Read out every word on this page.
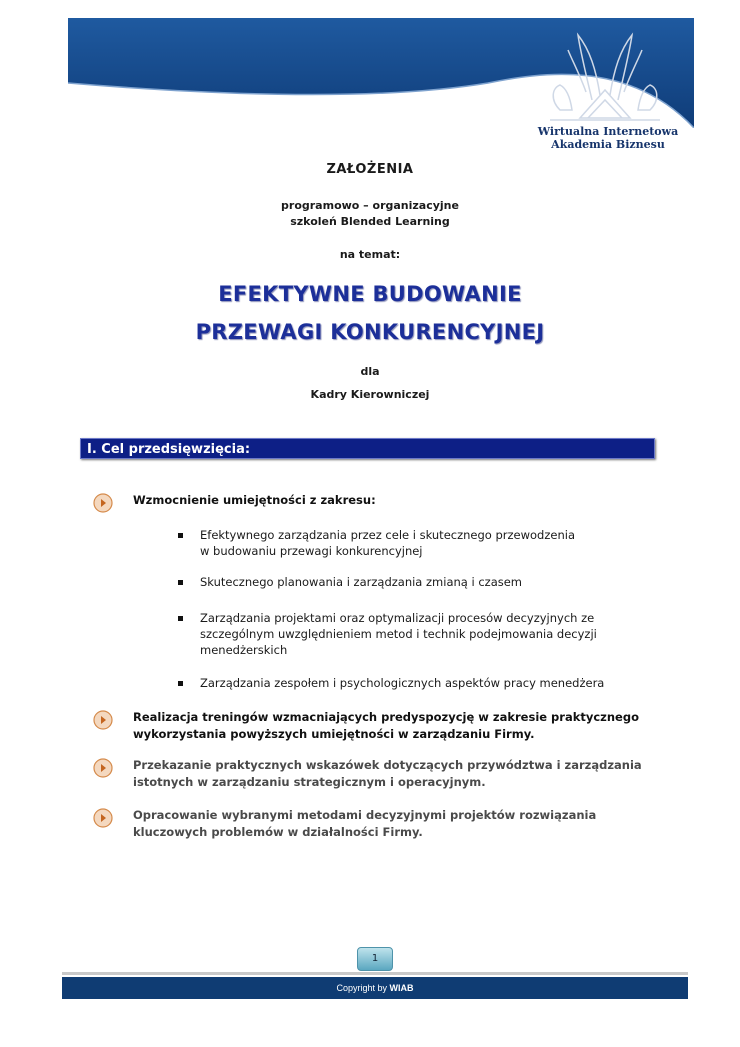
Wirtualna Internetowa
Akademia Biznesu
ZAŁOŻENIA
programowo – organizacyjne
szkoleń Blended Learning
na temat:
EFEKTYWNE BUDOWANIE
PRZEWAGI KONKURENCYJNEJ
dla
Kadry Kierowniczej
I. Cel przedsięwzięcia:
Wzmocnienie umiejętności z zakresu:
Efektywnego zarządzania przez cele i skutecznego przewodzenia
w budowaniu przewagi konkurencyjnej
Skutecznego planowania i zarządzania zmianą i czasem
Zarządzania projektami oraz optymalizacji procesów decyzyjnych ze
szczególnym uwzględnieniem metod i technik podejmowania decyzji
menedżerskich
Zarządzania zespołem i psychologicznych aspektów pracy menedżera
Realizacja treningów wzmacniających predyspozycję w zakresie praktycznego
wykorzystania powyższych umiejętności w zarządzaniu Firmy.
Przekazanie praktycznych wskazówek dotyczących przywództwa i zarządzania
istotnych w zarządzaniu strategicznym i operacyjnym.
Opracowanie wybranymi metodami decyzyjnymi projektów rozwiązania
kluczowych problemów w działalności Firmy.
1
Copyright by WIAB
